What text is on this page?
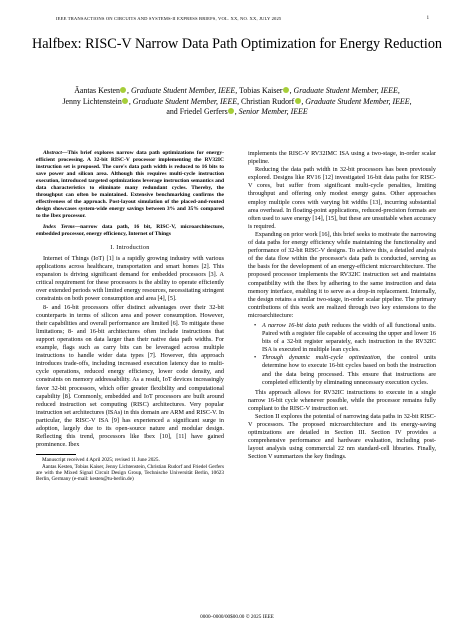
IEEE TRANSACTIONS ON CIRCUITS AND SYSTEMS-II EXPRESS BRIEFS, VOL. XX, NO. XX, JULY 2025	1
Halfbex: RISC-V Narrow Data Path Optimization for Energy Reduction
Āantas Kesten , Graduate Student Member, IEEE, Tobias Kaiser , Graduate Student Member, IEEE,
Jenny Lichtenstein , Graduate Student Member, IEEE, Christian Rudorf , Graduate Student Member, IEEE,
and Friedel Gerfers , Senior Member, IEEE

Abstract—This brief explores narrow data path optimizations for energy-efficient processing. A 32-bit RISC-V processor implementing the RV32IC instruction set is proposed. The core's data path width is reduced to 16 bits to save power and silicon area. Although this requires multi-cycle instruction execution, introduced targeted optimizations leverage instruction semantics and data characteristics to eliminate many redundant cycles. Thereby, the throughput can often be maintained. Extensive benchmarking confirms the effectiveness of the approach. Post-layout simulation of the placed-and-routed design showcases system-wide energy savings between 3% and 35% compared to the Ibex processor.

Index Terms—narrow data path, 16 bit, RISC-V, microarchitecture, embedded processor, energy efficiency, Internet of Things

I. Introduction

Internet of Things (IoT) [1] is a rapidly growing industry with various applications across healthcare, transportation and smart homes [2]. This expansion is driving significant demand for embedded processors [3]. A critical requirement for these processors is the ability to operate efficiently over extended periods with limited energy resources, necessitating stringent constraints on both power consumption and area [4], [5].

8- and 16-bit processors offer distinct advantages over their 32-bit counterparts in terms of silicon area and power consumption. However, their capabilities and overall performance are limited [6]. To mitigate these limitations; 8- and 16-bit architectures often include instructions that support operations on data larger than their native data path widths. For example, flags such as carry bits can be leveraged across multiple instructions to handle wider data types [7]. However, this approach introduces trade-offs, including increased execution latency due to multi-cycle operations, reduced energy efficiency, lower code density, and constraints on memory addressability. As a result, IoT devices increasingly favor 32-bit processors, which offer greater flexibility and computational capability [8]. Commonly, embedded and IoT processors are built around reduced instruction set computing (RISC) architectures. Very popular instruction set architectures (ISAs) in this domain are ARM and RISC-V. In particular, the RISC-V ISA [9] has experienced a significant surge in adoption, largely due to its open-source nature and modular design. Reflecting this trend, processors like Ibex [10], [11] have gained prominence. Ibex

Manuscript received 4 April 2025; revised 11 June 2025.

Āantas Kesten, Tobias Kaiser, Jenny Lichtenstein, Christian Rudorf and Friedel Gerfers are with the Mixed Signal Circuit Design Group, Technische Universität Berlin, 10623 Berlin, Germany (e-mail: kesten@tu-berlin.de)

implements the RISC-V RV32IMC ISA using a two-stage, in-order scalar pipeline.

Reducing the data path width in 32-bit processors has been previously explored. Designs like RV16 [12] investigated 16-bit data paths for RISC-V cores, but suffer from significant multi-cycle penalties, limiting throughput and offering only modest energy gains. Other approaches employ multiple cores with varying bit widths [13], incurring substantial area overhead. In floating-point applications, reduced-precision formats are often used to save energy [14], [15], but these are unsuitable when accuracy is required.

Expanding on prior work [16], this brief seeks to motivate the narrowing of data paths for energy efficiency while maintaining the functionality and performance of 32-bit RISC-V designs. To achieve this, a detailed analysis of the data flow within the processor's data path is conducted, serving as the basis for the development of an energy-efficient microarchitecture. The proposed processor implements the RV32IC instruction set and maintains compatibility with the Ibex by adhering to the same instruction and data memory interface, enabling it to serve as a drop-in replacement. Internally, the design retains a similar two-stage, in-order scalar pipeline. The primary contributions of this work are realized through two key extensions to the microarchitecture:

• A narrow 16-bit data path reduces the width of all functional units. Paired with a register file capable of accessing the upper and lower 16 bits of a 32-bit register separately, each instruction in the RV32IC ISA is executed in multiple lean cycles.
• Through dynamic multi-cycle optimization, the control units determine how to execute 16-bit cycles based on both the instruction and the data being processed. This ensure that instructions are completed efficiently by eliminating unnecessary execution cycles.

This approach allows for RV32IC instructions to execute in a single narrow 16-bit cycle whenever possible, while the processor remains fully compliant to the RISC-V instruction set.

Section II explores the potential of narrowing data paths in 32-bit RISC-V processors. The proposed microarchitecture and its energy-saving optimizations are detailed in Section III. Section IV provides a comprehensive performance and hardware evaluation, including post-layout analysis using commercial 22 nm standard-cell libraries. Finally, Section V summarizes the key findings.

0000–0000/00$00.00 © 2025 IEEE
